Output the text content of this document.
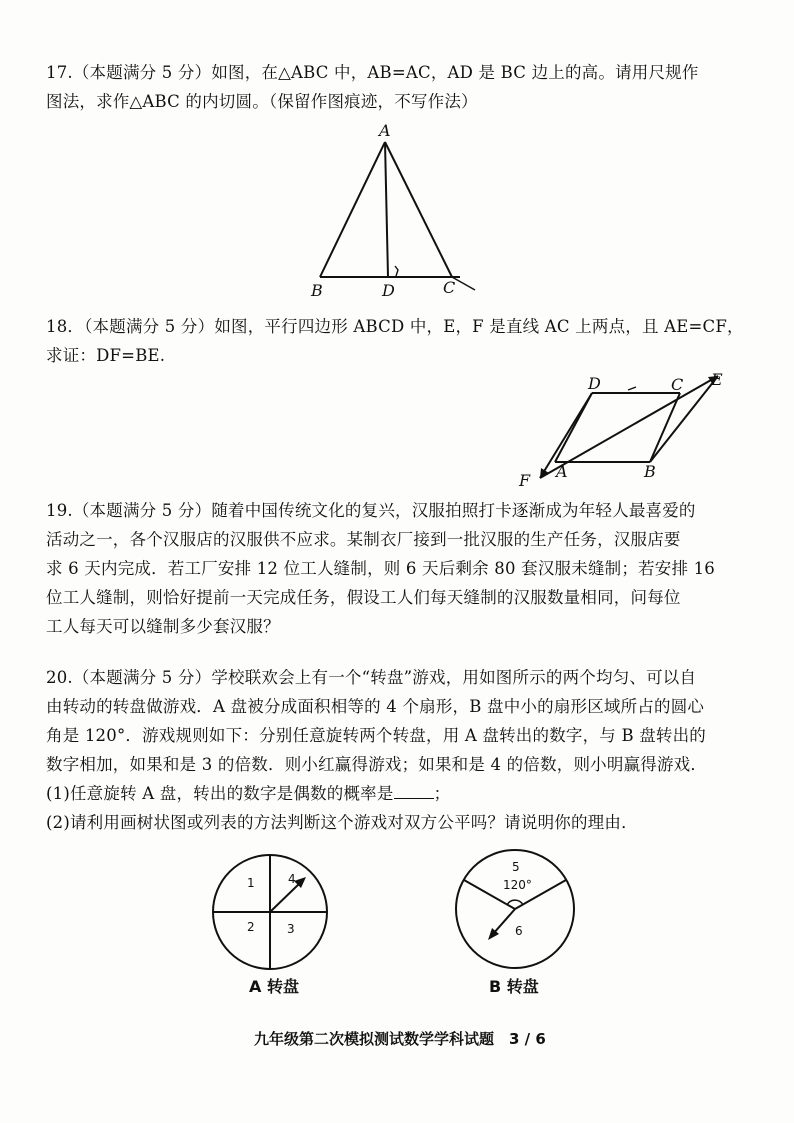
17.（本题满分 5 分）如图，在△ABC 中，AB=AC，AD 是 BC 边上的高。请用尺规作
图法，求作△ABC 的内切圆。（保留作图痕迹，不写作法）
A
B	D	C
18．（本题满分 5 分）如图，平行四边形 ABCD 中，E，F 是直线 AC 上两点，且 AE=CF，
求证：DF=BE.
D	C E
A	B
F
19.（本题满分 5 分）随着中国传统文化的复兴，汉服拍照打卡逐渐成为年轻人最喜爱的
活动之一，各个汉服店的汉服供不应求。某制衣厂接到一批汉服的生产任务，汉服店要
求 6 天内完成．若工厂安排 12 位工人缝制，则 6 天后剩余 80 套汉服未缝制；若安排 16
位工人缝制，则恰好提前一天完成任务，假设工人们每天缝制的汉服数量相同，问每位
工人每天可以缝制多少套汉服？
20.（本题满分 5 分）学校联欢会上有一个“转盘”游戏，用如图所示的两个均匀、可以自
由转动的转盘做游戏．A 盘被分成面积相等的 4 个扇形，B 盘中小的扇形区域所占的圆心
角是 120°．游戏规则如下：分别任意旋转两个转盘，用 A 盘转出的数字，与 B 盘转出的
数字相加，如果和是 3 的倍数．则小红赢得游戏；如果和是 4 的倍数，则小明赢得游戏．
(1)任意旋转 A 盘，转出的数字是偶数的概率是 ；
(2)请利用画树状图或列表的方法判断这个游戏对双方公平吗？请说明你的理由．
1	4
2	3
A 转盘
5
120°
6
B 转盘
九年级第二次模拟测试数学学科试题　3 / 6
